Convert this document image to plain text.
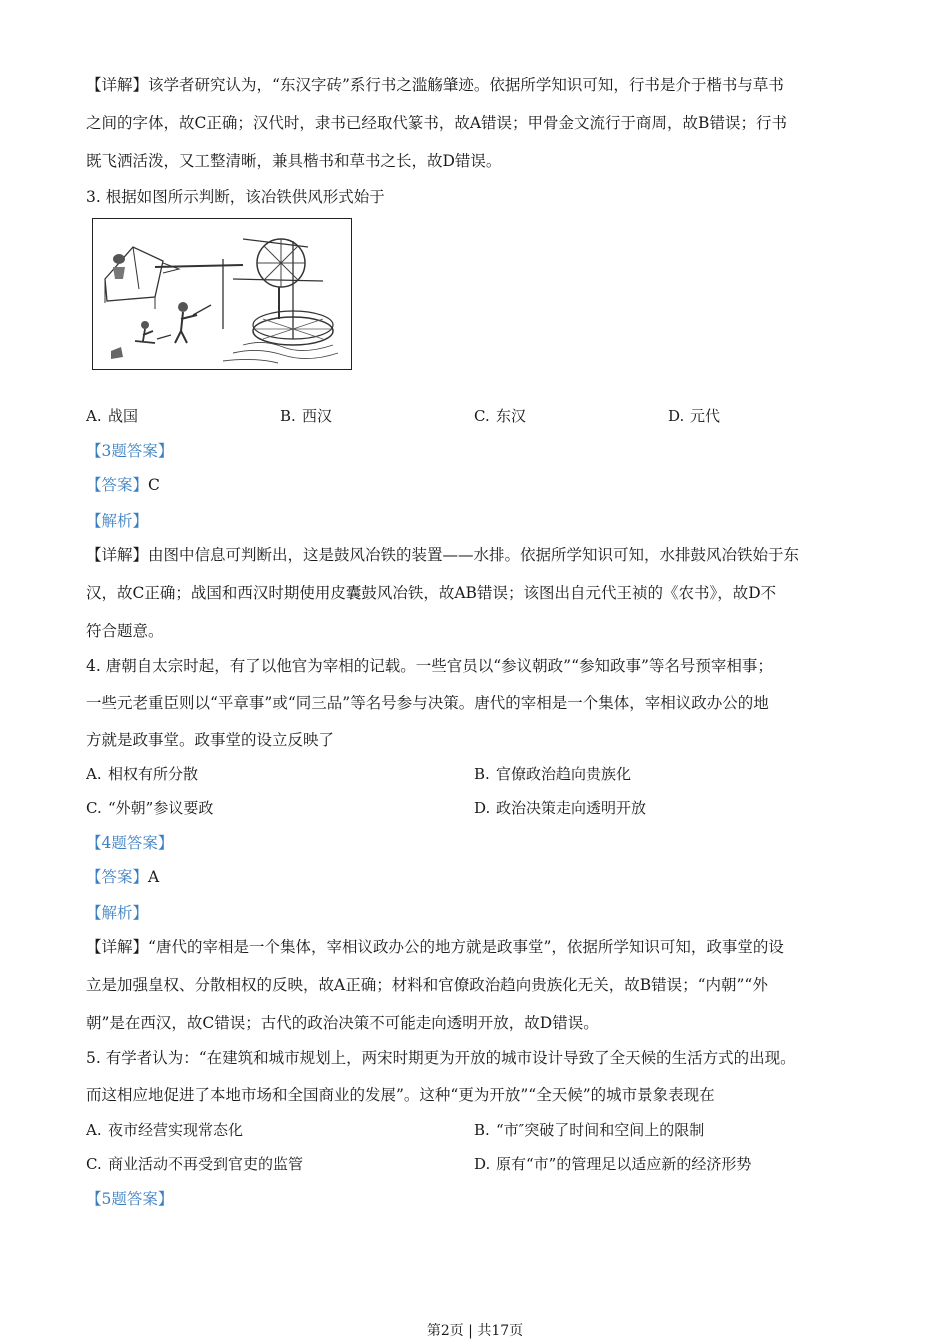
【详解】该学者研究认为，“东汉字砖”系行书之滥觞肇迹。依据所学知识可知，行书是介于楷书与草书
之间的字体，故C正确；汉代时，隶书已经取代篆书，故A错误；甲骨金文流行于商周，故B错误；行书
既飞洒活泼，又工整清晰，兼具楷书和草书之长，故D错误。
3. 根据如图所示判断，该冶铁供风形式始于
A. 战国	B. 西汉	C. 东汉	D. 元代
【3题答案】
【答案】C
【解析】
【详解】由图中信息可判断出，这是鼓风冶铁的装置——水排。依据所学知识可知，水排鼓风冶铁始于东
汉，故C正确；战国和西汉时期使用皮囊鼓风冶铁，故AB错误；该图出自元代王祯的《农书》，故D不
符合题意。
4. 唐朝自太宗时起，有了以他官为宰相的记载。一些官员以“参议朝政”“参知政事”等名号预宰相事；
一些元老重臣则以“平章事”或“同三品”等名号参与决策。唐代的宰相是一个集体，宰相议政办公的地
方就是政事堂。政事堂的设立反映了
A. 相权有所分散	B. 官僚政治趋向贵族化
C. “外朝”参议要政	D. 政治决策走向透明开放
【4题答案】
【答案】A
【解析】
【详解】“唐代的宰相是一个集体，宰相议政办公的地方就是政事堂”，依据所学知识可知，政事堂的设
立是加强皇权、分散相权的反映，故A正确；材料和官僚政治趋向贵族化无关，故B错误；“内朝”“外
朝”是在西汉，故C错误；古代的政治决策不可能走向透明开放，故D错误。
5. 有学者认为：“在建筑和城市规划上，两宋时期更为开放的城市设计导致了全天候的生活方式的出现。
而这相应地促进了本地市场和全国商业的发展”。这种“更为开放”“全天候”的城市景象表现在
A. 夜市经营实现常态化	B. “市″突破了时间和空间上的限制
C. 商业活动不再受到官吏的监管	D. 原有“市”的管理足以适应新的经济形势
【5题答案】
第2页 | 共17页
